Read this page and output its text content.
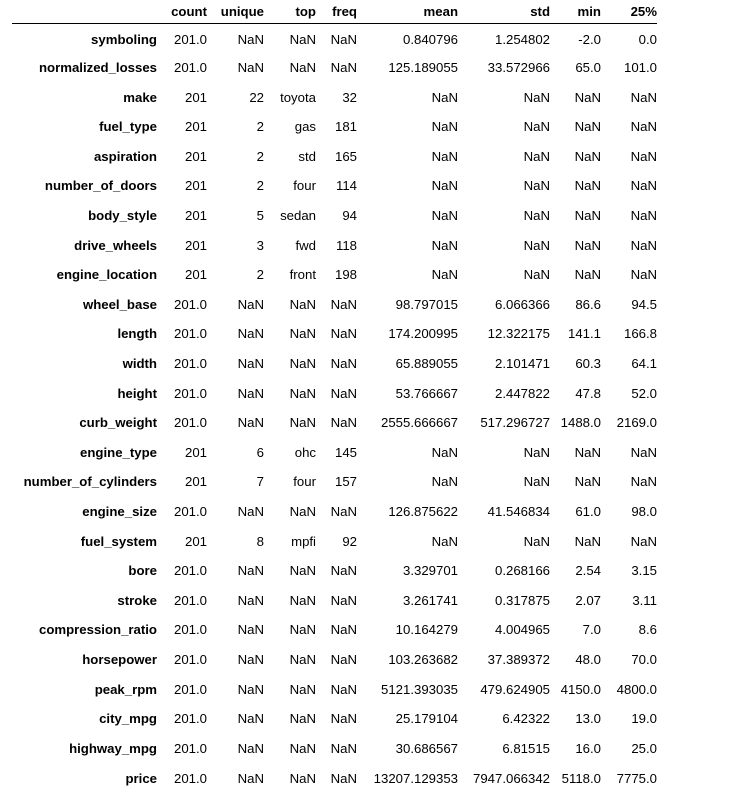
	count	unique	top	freq	mean	std	min	25%
symboling	201.0	NaN	NaN	NaN	0.840796	1.254802	-2.0	0.0
normalized_losses	201.0	NaN	NaN	NaN	125.189055	33.572966	65.0	101.0
make	201	22	toyota	32	NaN	NaN	NaN	NaN
fuel_type	201	2	gas	181	NaN	NaN	NaN	NaN
aspiration	201	2	std	165	NaN	NaN	NaN	NaN
number_of_doors	201	2	four	114	NaN	NaN	NaN	NaN
body_style	201	5	sedan	94	NaN	NaN	NaN	NaN
drive_wheels	201	3	fwd	118	NaN	NaN	NaN	NaN
engine_location	201	2	front	198	NaN	NaN	NaN	NaN
wheel_base	201.0	NaN	NaN	NaN	98.797015	6.066366	86.6	94.5
length	201.0	NaN	NaN	NaN	174.200995	12.322175	141.1	166.8
width	201.0	NaN	NaN	NaN	65.889055	2.101471	60.3	64.1
height	201.0	NaN	NaN	NaN	53.766667	2.447822	47.8	52.0
curb_weight	201.0	NaN	NaN	NaN	2555.666667	517.296727	1488.0	2169.0
engine_type	201	6	ohc	145	NaN	NaN	NaN	NaN
number_of_cylinders	201	7	four	157	NaN	NaN	NaN	NaN
engine_size	201.0	NaN	NaN	NaN	126.875622	41.546834	61.0	98.0
fuel_system	201	8	mpfi	92	NaN	NaN	NaN	NaN
bore	201.0	NaN	NaN	NaN	3.329701	0.268166	2.54	3.15
stroke	201.0	NaN	NaN	NaN	3.261741	0.317875	2.07	3.11
compression_ratio	201.0	NaN	NaN	NaN	10.164279	4.004965	7.0	8.6
horsepower	201.0	NaN	NaN	NaN	103.263682	37.389372	48.0	70.0
peak_rpm	201.0	NaN	NaN	NaN	5121.393035	479.624905	4150.0	4800.0
city_mpg	201.0	NaN	NaN	NaN	25.179104	6.42322	13.0	19.0
highway_mpg	201.0	NaN	NaN	NaN	30.686567	6.81515	16.0	25.0
price	201.0	NaN	NaN	NaN	13207.129353	7947.066342	5118.0	7775.0
